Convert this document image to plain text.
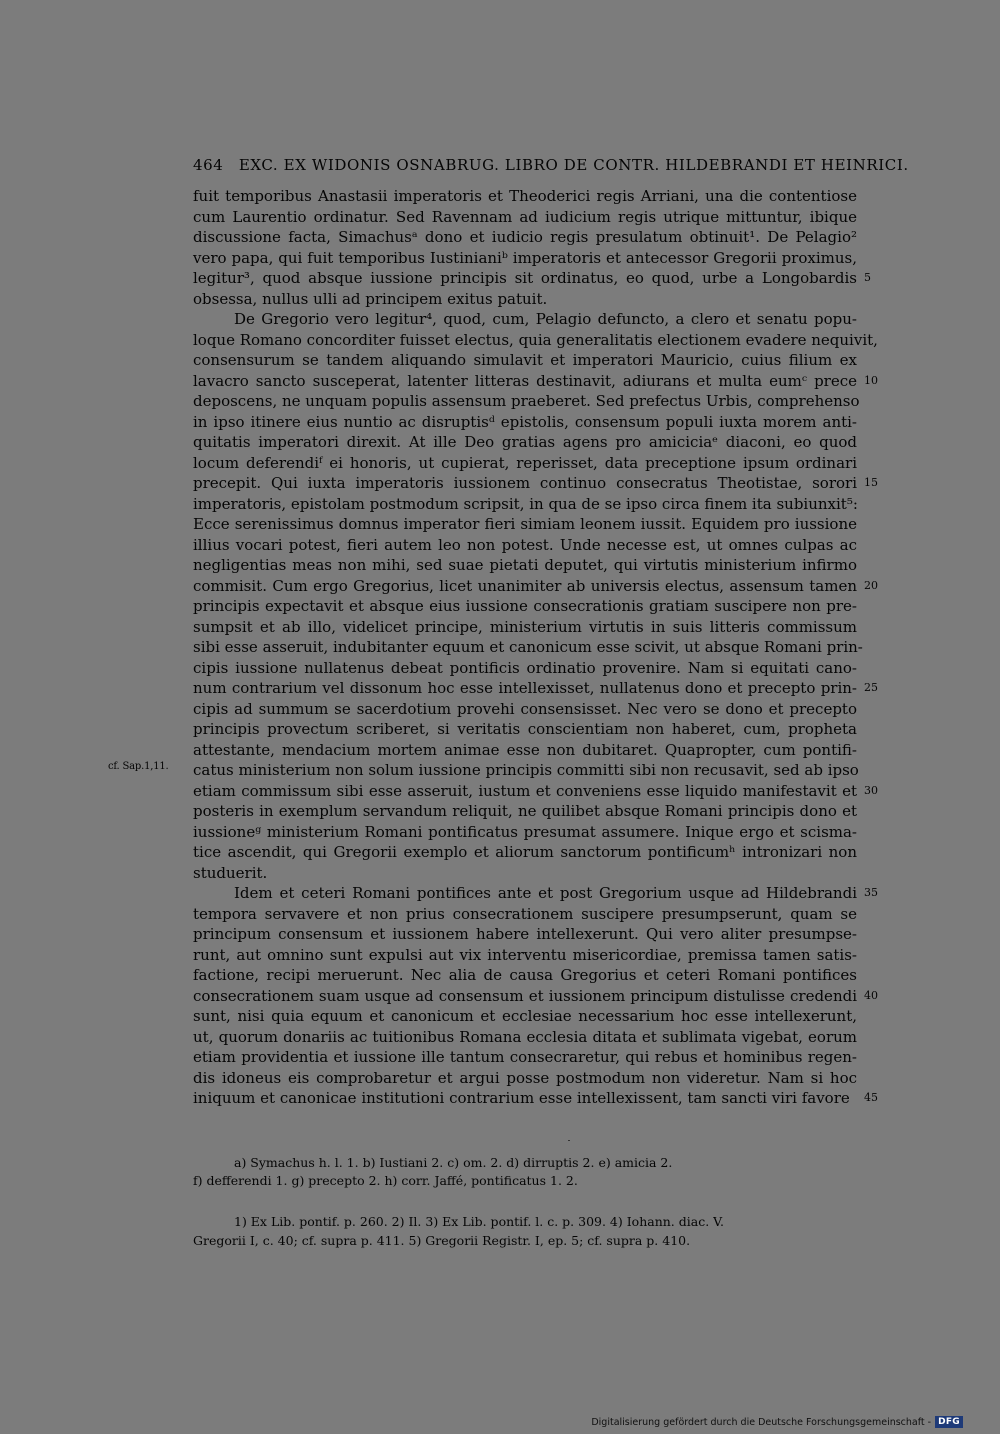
464 EXC. EX WIDONIS OSNABRUG. LIBRO DE CONTR. HILDEBRANDI ET HEINRICI.
fuit temporibus Anastasii imperatoris et Theoderici regis Arriani, una die contentiose
cum Laurentio ordinatur. Sed Ravennam ad iudicium regis utrique mittuntur, ibique
discussione facta, Simachusᵃ dono et iudicio regis presulatum obtinuit¹. De Pelagio²
vero papa, qui fuit temporibus Iustinianiᵇ imperatoris et antecessor Gregorii proximus,
legitur³, quod absque iussione principis sit ordinatus, eo quod, urbe a Longobardis
obsessa, nullus ulli ad principem exitus patuit.
De Gregorio vero legitur⁴, quod, cum, Pelagio defuncto, a clero et senatu popu-
loque Romano concorditer fuisset electus, quia generalitatis electionem evadere nequivit,
consensurum se tandem aliquando simulavit et imperatori Mauricio, cuius filium ex
lavacro sancto susceperat, latenter litteras destinavit, adiurans et multa eumᶜ prece
deposcens, ne unquam populis assensum praeberet. Sed prefectus Urbis, comprehenso
in ipso itinere eius nuntio ac disruptisᵈ epistolis, consensum populi iuxta morem anti-
quitatis imperatori direxit. At ille Deo gratias agens pro amiciciaᵉ diaconi, eo quod
locum deferendiᶠ ei honoris, ut cupierat, reperisset, data preceptione ipsum ordinari
precepit. Qui iuxta imperatoris iussionem continuo consecratus Theotistae, sorori
imperatoris, epistolam postmodum scripsit, in qua de se ipso circa finem ita subiunxit⁵:
Ecce serenissimus domnus imperator fieri simiam leonem iussit. Equidem pro iussione
illius vocari potest, fieri autem leo non potest. Unde necesse est, ut omnes culpas ac
negligentias meas non mihi, sed suae pietati deputet, qui virtutis ministerium infirmo
commisit. Cum ergo Gregorius, licet unanimiter ab universis electus, assensum tamen
principis expectavit et absque eius iussione consecrationis gratiam suscipere non pre-
sumpsit et ab illo, videlicet principe, ministerium virtutis in suis litteris commissum
sibi esse asseruit, indubitanter equum et canonicum esse scivit, ut absque Romani prin-
cipis iussione nullatenus debeat pontificis ordinatio provenire. Nam si equitati cano-
num contrarium vel dissonum hoc esse intellexisset, nullatenus dono et precepto prin-
cipis ad summum se sacerdotium provehi consensisset. Nec vero se dono et precepto
principis provectum scriberet, si veritatis conscientiam non haberet, cum, propheta
attestante, mendacium mortem animae esse non dubitaret. Quapropter, cum pontifi-
catus ministerium non solum iussione principis committi sibi non recusavit, sed ab ipso
etiam commissum sibi esse asseruit, iustum et conveniens esse liquido manifestavit et
posteris in exemplum servandum reliquit, ne quilibet absque Romani principis dono et
iussioneᵍ ministerium Romani pontificatus presumat assumere. Inique ergo et scisma-
tice ascendit, qui Gregorii exemplo et aliorum sanctorum pontificumʰ intronizari non
studuerit.
Idem et ceteri Romani pontifices ante et post Gregorium usque ad Hildebrandi
tempora servavere et non prius consecrationem suscipere presumpserunt, quam se
principum consensum et iussionem habere intellexerunt. Qui vero aliter presumpse-
runt, aut omnino sunt expulsi aut vix interventu misericordiae, premissa tamen satis-
factione, recipi meruerunt. Nec alia de causa Gregorius et ceteri Romani pontifices
consecrationem suam usque ad consensum et iussionem principum distulisse credendi
sunt, nisi quia equum et canonicum et ecclesiae necessarium hoc esse intellexerunt,
ut, quorum donariis ac tuitionibus Romana ecclesia ditata et sublimata vigebat, eorum
etiam providentia et iussione ille tantum consecraretur, qui rebus et hominibus regen-
dis idoneus eis comprobaretur et argui posse postmodum non videretur. Nam si hoc
iniquum et canonicae institutioni contrarium esse intellexissent, tam sancti viri favore
cf. Sap.1,11.
5
10
15
20
25
30
35
40
45
a) Symachus h. l. 1. b) Iustiani 2. c) om. 2. d) dirruptis 2. e) amicia 2.
f) defferendi 1. g) precepto 2. h) corr. Jaffé, pontificatus 1. 2.
1) Ex Lib. pontif. p. 260. 2) Il. 3) Ex Lib. pontif. l. c. p. 309. 4) Iohann. diac. V.
Gregorii I, c. 40; cf. supra p. 411. 5) Gregorii Registr. I, ep. 5; cf. supra p. 410.
Digitalisierung gefördert durch die Deutsche Forschungsgemeinschaft - DFG
